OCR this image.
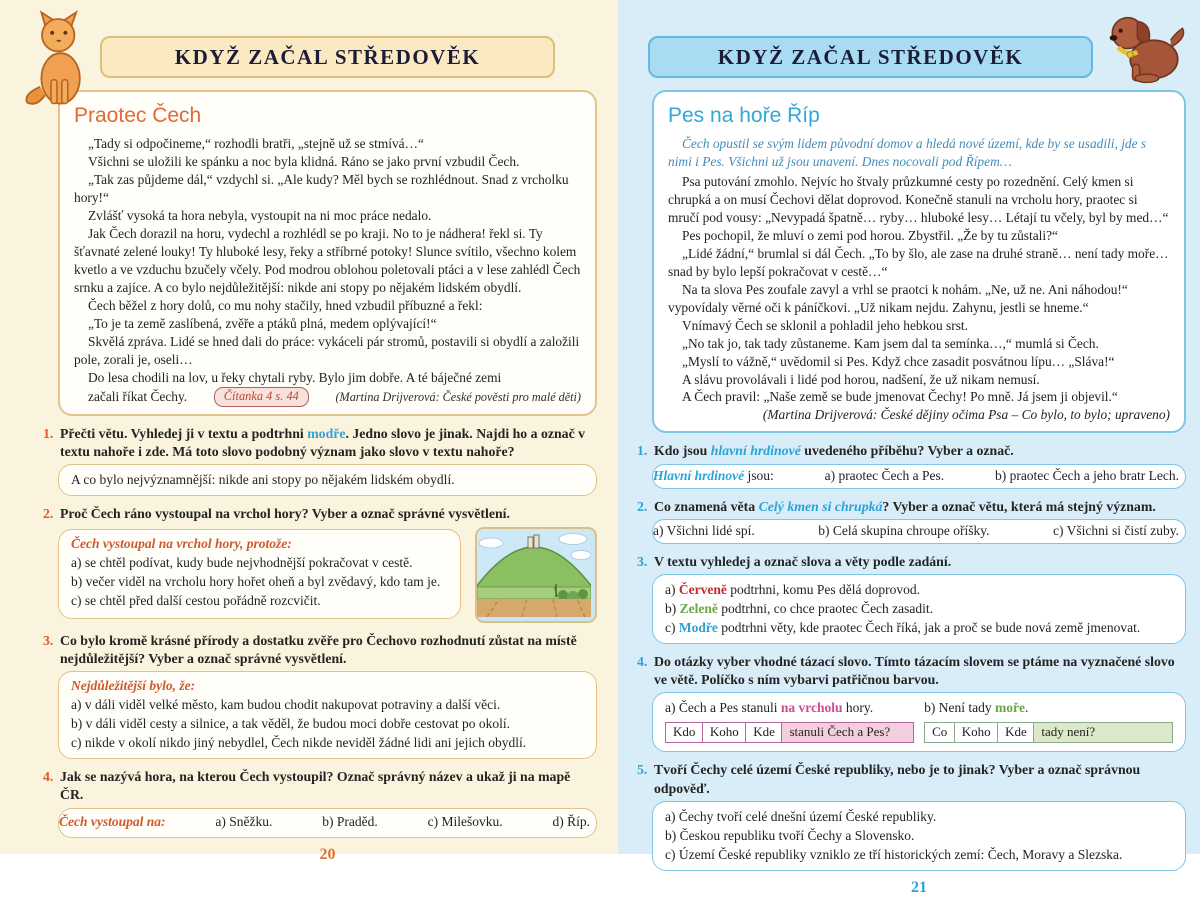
KDYŽ ZAČAL STŘEDOVĚK
Praotec Čech

„Tady si odpočineme,“ rozhodli bratři, „stejně už se stmívá…“

Všichni se uložili ke spánku a noc byla klidná. Ráno se jako první vzbudil Čech.

„Tak zas půjdeme dál,“ vzdychl si. „Ale kudy? Měl bych se rozhlédnout. Snad z vrcholku hory!“

Zvlášť vysoká ta hora nebyla, vystoupit na ni moc práce nedalo.

Jak Čech dorazil na horu, vydechl a rozhlédl se po kraji. No to je nádhera! řekl si. Ty šťavnaté zelené louky! Ty hluboké lesy, řeky a stříbrné potoky! Slunce svítilo, všechno kolem kvetlo a ve vzduchu bzučely včely. Pod modrou oblohou poletovali ptáci a v lese zahlédl Čech srnku a zajíce. A co bylo nejdůležitější: nikde ani stopy po nějakém lidském obydlí.

Čech běžel z hory dolů, co mu nohy stačily, hned vzbudil příbuzné a řekl:

„To je ta země zaslíbená, zvěře a ptáků plná, medem oplývající!“

Skvělá zpráva. Lidé se hned dali do práce: vykáceli pár stromů, postavili si obydlí a založili pole, zorali je, oseli…

Do lesa chodili na lov, u řeky chytali ryby. Bylo jim dobře. A té báječné zemi

začali říkat Čechy.	Čítanka 4 s. 44	(Martina Drijverová: České pověsti pro malé děti)
1. Přečti větu. Vyhledej ji v textu a podtrhni modře. Jedno slovo je jinak. Najdi ho a označ v textu nahoře i zde. Má toto slovo podobný význam jako slovo v textu nahoře?
A co bylo nejvýznamnější: nikde ani stopy po nějakém lidském obydlí.
2. Proč Čech ráno vystoupal na vrchol hory? Vyber a označ správné vysvětlení.
Čech vystoupal na vrchol hory, protože:
a) se chtěl podívat, kudy bude nejvhodnější pokračovat v cestě.
b) večer viděl na vrcholu hory hořet oheň a byl zvědavý, kdo tam je.
c) se chtěl před další cestou pořádně rozcvičit.
3. Co bylo kromě krásné přírody a dostatku zvěře pro Čechovo rozhodnutí zůstat na místě nejdůležitější? Vyber a označ správné vysvětlení.
Nejdůležitější bylo, že:
a) v dáli viděl velké město, kam budou chodit nakupovat potraviny a další věci.
b) v dáli viděl cesty a silnice, a tak věděl, že budou moci dobře cestovat po okolí.
c) nikde v okolí nikdo jiný nebydlel, Čech nikde neviděl žádné lidi ani jejich obydlí.
4. Jak se nazývá hora, na kterou Čech vystoupil? Označ správný název a ukaž ji na mapě ČR.
Čech vystoupal na:	a) Sněžku.	b) Praděd.	c) Milešovku.	d) Říp.
20
KDYŽ ZAČAL STŘEDOVĚK
Pes na hoře Říp

Čech opustil se svým lidem původní domov a hledá nové území, kde by se usadili, jde s nimi i Pes. Všichni už jsou unavení. Dnes nocovali pod Řípem…

Psa putování zmohlo. Nejvíc ho štvaly průzkumné cesty po rozednění. Celý kmen si chrupká a on musí Čechovi dělat doprovod. Konečně stanuli na vrcholu hory, praotec si mručí pod vousy: „Nevypadá špatně… ryby… hluboké lesy… Létají tu včely, byl by med…“

Pes pochopil, že mluví o zemi pod horou. Zbystřil. „Že by tu zůstali?“

„Lidé žádní,“ brumlal si dál Čech. „To by šlo, ale zase na druhé straně… není tady moře… snad by bylo lepší pokračovat v cestě…“

Na ta slova Pes zoufale zavyl a vrhl se praotci k nohám. „Ne, už ne. Ani náhodou!“ vypovídaly věrné oči k páníčkovi. „Už nikam nejdu. Zahynu, jestli se hneme.“

Vnímavý Čech se sklonil a pohladil jeho hebkou srst.

„No tak jo, tak tady zůstaneme. Kam jsem dal ta semínka…,“ mumlá si Čech.

„Myslí to vážně,“ uvědomil si Pes. Když chce zasadit posvátnou lípu… „Sláva!“

A slávu provolávali i lidé pod horou, nadšení, že už nikam nemusí.

A Čech pravil: „Naše země se bude jmenovat Čechy! Po mně. Já jsem ji objevil.“

(Martina Drijverová: České dějiny očima Psa – Co bylo, to bylo; upraveno)

1. Kdo jsou hlavní hrdinové uvedeného příběhu? Vyber a označ.
Hlavní hrdinové jsou:	a) praotec Čech a Pes.	b) praotec Čech a jeho bratr Lech.
2. Co znamená věta Celý kmen si chrupká? Vyber a označ větu, která má stejný význam.
a) Všichni lidé spí.	b) Celá skupina chroupe oříšky.	c) Všichni si čistí zuby.
3. V textu vyhledej a označ slova a věty podle zadání.
a) Červeně podtrhni, komu Pes dělá doprovod.
b) Zeleně podtrhni, co chce praotec Čech zasadit.
c) Modře podtrhni věty, kde praotec Čech říká, jak a proč se bude nová země jmenovat.
4. Do otázky vyber vhodné tázací slovo. Tímto tázacím slovem se ptáme na vyznačené slovo ve větě. Políčko s ním vybarvi patřičnou barvou.
a) Čech a Pes stanuli na vrcholu hory.
Kdo	Koho	Kde	stanuli Čech a Pes?
b) Není tady moře.
Co	Koho	Kde	tady není?
5. Tvoří Čechy celé území České republiky, nebo je to jinak? Vyber a označ správnou odpověď.
a) Čechy tvoří celé dnešní území České republiky.
b) Českou republiku tvoří Čechy a Slovensko.
c) Území České republiky vzniklo ze tří historických zemí: Čech, Moravy a Slezska.
21
